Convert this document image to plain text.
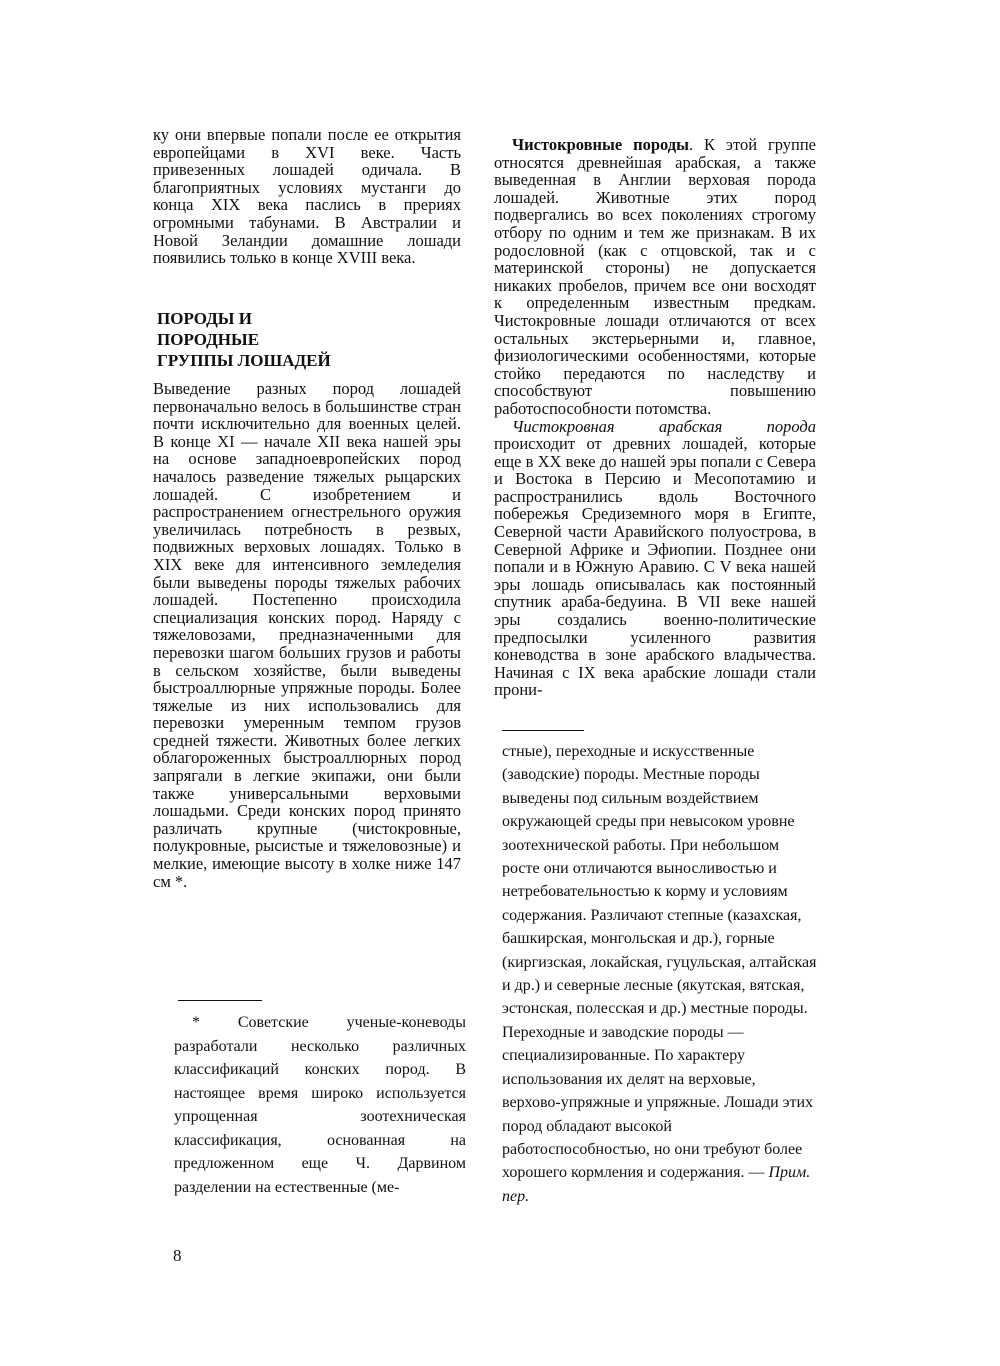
ку они впервые попали после ее открытия европейцами в XVI веке. Часть привезенных лошадей одичала. В благоприятных условиях мустанги до конца XIX века паслись в прериях огромными табунами. В Австралии и Новой Зеландии домашние лошади появились только в конце XVIII века.

ПОРОДЫ И
ПОРОДНЫЕ
ГРУППЫ ЛОШАДЕЙ

Выведение разных пород лошадей первоначально велось в большинстве стран почти исключительно для военных целей. В конце XI — начале XII века нашей эры на основе западноевропейских пород началось разведение тяжелых рыцарских лошадей. С изобретением и распространением огнестрельного оружия увеличилась потребность в резвых, подвижных верховых лошадях. Только в XIX веке для интенсивного земледелия были выведены породы тяжелых рабочих лошадей. Постепенно происходила специализация конских пород. Наряду с тяжеловозами, предназначенными для перевозки шагом больших грузов и работы в сельском хозяйстве, были выведены быстроаллюрные упряжные породы. Более тяжелые из них использовались для перевозки умеренным темпом грузов средней тяжести. Животных более легких облагороженных быстроаллюрных пород запрягали в легкие экипажи, они были также универсальными верховыми лошадьми. Среди конских пород принято различать крупные (чистокровные, полукровные, рысистые и тяжеловозные) и мелкие, имеющие высоту в холке ниже 147 см *.

* Советские ученые-коневоды разработали несколько различных классификаций конских пород. В настоящее время широко используется упрощенная зоотехническая классификация, основанная на предложенном еще Ч. Дарвином разделении на естественные (ме-

Чистокровные породы. К этой группе относятся древнейшая арабская, а также выведенная в Англии верховая порода лошадей. Животные этих пород подвергались во всех поколениях строгому отбору по одним и тем же признакам. В их родословной (как с отцовской, так и с материнской стороны) не допускается никаких пробелов, причем все они восходят к определенным известным предкам. Чистокровные лошади отличаются от всех остальных экстерьерными и, главное, физиологическими особенностями, которые стойко передаются по наследству и способствуют повышению работоспособности потомства.

Чистокровная арабская порода происходит от древних лошадей, которые еще в XX веке до нашей эры попали с Севера и Востока в Персию и Месопотамию и распространились вдоль Восточного побережья Средиземного моря в Египте, Северной части Аравийского полуострова, в Северной Африке и Эфиопии. Позднее они попали и в Южную Аравию. С V века нашей эры лошадь описывалась как постоянный спутник араба-бедуина. В VII веке нашей эры создались военно-политические предпосылки усиленного развития коневодства в зоне арабского владычества. Начиная с IX века арабские лошади стали прони-

стные), переходные и искусственные (заводские) породы. Местные породы выведены под сильным воздействием окружающей среды при невысоком уровне зоотехнической работы. При небольшом росте они отличаются выносливостью и нетребовательностью к корму и условиям содержания. Различают степные (казахская, башкирская, монгольская и др.), горные (киргизская, локайская, гуцульская, алтайская и др.) и северные лесные (якутская, вятская, эстонская, полесская и др.) местные породы. Переходные и заводские породы — специализированные. По характеру использования их делят на верховые, верхово-упряжные и упряжные. Лошади этих пород обладают высокой работоспособностью, но они требуют более хорошего кормления и содержания. — Прим. пер.

8
